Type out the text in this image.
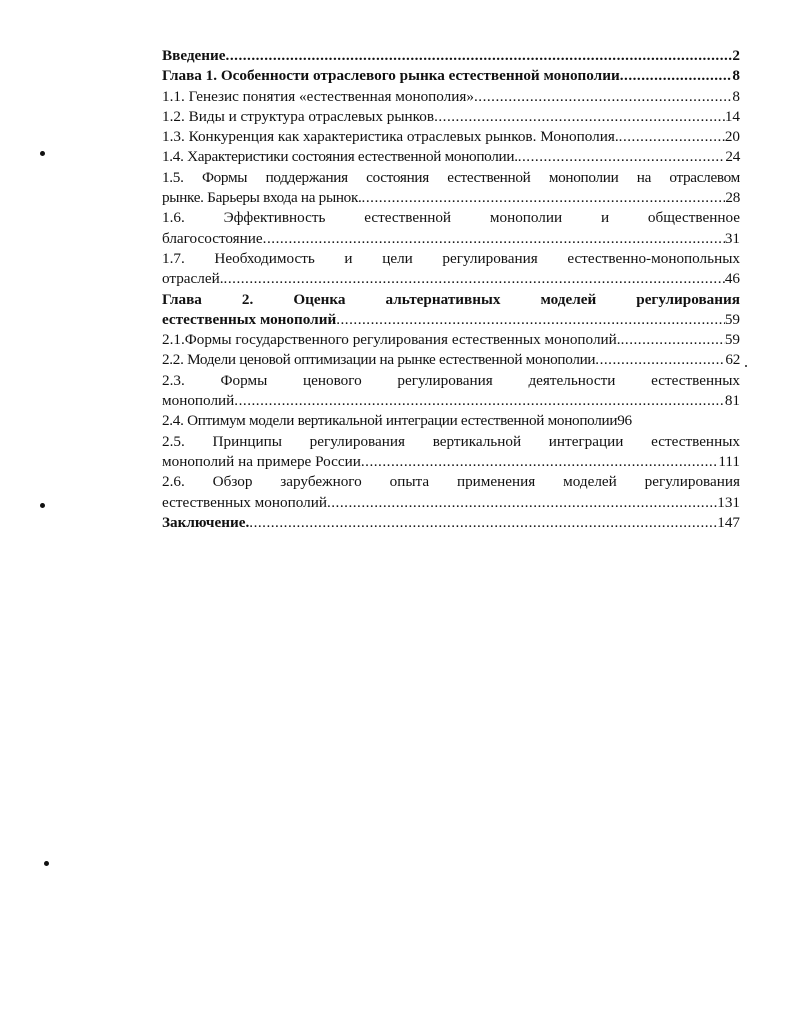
Введение .....	2
Глава 1. Особенности отраслевого рынка естественной монополии .....	8
1.1. Генезис понятия «естественная монополия» .....	8
1.2. Виды и структура отраслевых рынков .....	14
1.3. Конкуренция как характеристика отраслевых рынков. Монополия. .....	20
1.4. Характеристики состояния естественной монополии. .....	24
1.5. Формы поддержания состояния естественной монополии на отраслевом
рынке. Барьеры входа на рынок. .....	28
1.6. Эффективность естественной монополии и общественное
благосостояние .....	31
1.7. Необходимость и цели регулирования естественно-монопольных
отраслей. .....	46
Глава 2. Оценка альтернативных моделей регулирования
естественных монополий .....	59
2.1.Формы государственного регулирования естественных монополий. .....	59
2.2. Модели ценовой оптимизации на рынке естественной монополии .....	62
2.3. Формы ценового регулирования деятельности естественных
монополий .....	81
2.4. Оптимум модели вертикальной интеграции естественной монополии 96
2.5. Принципы регулирования вертикальной интеграции естественных
монополий на примере России .....	111
2.6. Обзор зарубежного опыта применения моделей регулирования
естественных монополий .....	131
Заключение. .....	147
